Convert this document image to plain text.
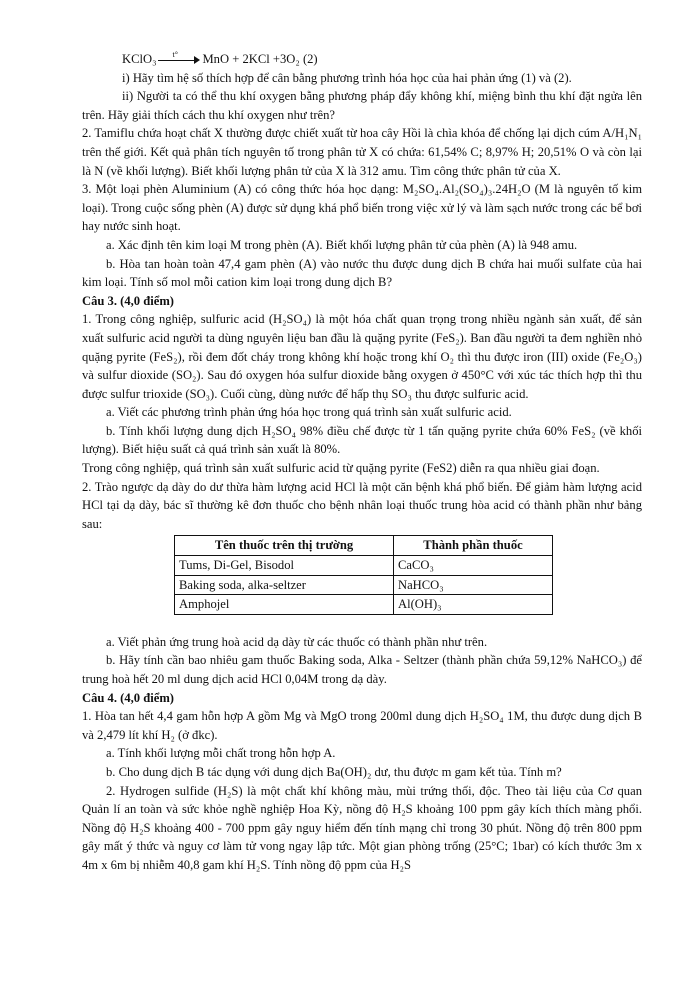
KClO₃ t° MnO + 2KCl +3O₂ (2)

i) Hãy tìm hệ số thích hợp để cân bằng phương trình hóa học của hai phản ứng (1) và (2).

ii) Người ta có thể thu khí oxygen bằng phương pháp đẩy không khí, miệng bình thu khí đặt ngửa lên trên. Hãy giải thích cách thu khí oxygen như trên?

2. Tamiflu chứa hoạt chất X thường được chiết xuất từ hoa cây Hồi là chìa khóa để chống lại dịch cúm A/H₁N₁ trên thế giới. Kết quả phân tích nguyên tố trong phân tử X có chứa: 61,54% C; 8,97% H; 20,51% O và còn lại là N (về khối lượng). Biết khối lượng phân tử của X là 312 amu. Tìm công thức phân tử của X.

3. Một loại phèn Aluminium (A) có công thức hóa học dạng: M₂SO₄.Al₂(SO₄)₃.24H₂O (M là nguyên tố kim loại). Trong cuộc sống phèn (A) được sử dụng khá phổ biến trong việc xử lý và làm sạch nước trong các bể bơi hay nước sinh hoạt.

a. Xác định tên kim loại M trong phèn (A). Biết khối lượng phân tử của phèn (A) là 948 amu.

b. Hòa tan hoàn toàn 47,4 gam phèn (A) vào nước thu được dung dịch B chứa hai muối sulfate của hai kim loại. Tính số mol mỗi cation kim loại trong dung dịch B?

Câu 3. (4,0 điểm)

1. Trong công nghiệp, sulfuric acid (H₂SO₄) là một hóa chất quan trọng trong nhiều ngành sản xuất, để sản xuất sulfuric acid người ta dùng nguyên liệu ban đầu là quặng pyrite (FeS₂). Ban đầu người ta đem nghiền nhỏ quặng pyrite (FeS₂), rồi đem đốt cháy trong không khí hoặc trong khí O₂ thì thu được iron (III) oxide (Fe₂O₃) và sulfur dioxide (SO₂). Sau đó oxygen hóa sulfur dioxide bằng oxygen ở 450°C với xúc tác thích hợp thì thu được sulfur trioxide (SO₃). Cuối cùng, dùng nước để hấp thụ SO₃ thu được sulfuric acid.

a. Viết các phương trình phản ứng hóa học trong quá trình sản xuất sulfuric acid.

b. Tính khối lượng dung dịch H₂SO₄ 98% điều chế được từ 1 tấn quặng pyrite chứa 60% FeS₂ (về khối lượng). Biết hiệu suất cả quá trình sản xuất là 80%.

Trong công nghiệp, quá trình sản xuất sulfuric acid từ quặng pyrite (FeS2) diễn ra qua nhiều giai đoạn.

2. Trào ngược dạ dày do dư thừa hàm lượng acid HCl là một căn bệnh khá phổ biến. Để giảm hàm lượng acid HCl tại dạ dày, bác sĩ thường kê đơn thuốc cho bệnh nhân loại thuốc trung hòa acid có thành phần như bảng sau:

Tên thuốc trên thị trường	Thành phần thuốc
Tums, Di-Gel, Bisodol	CaCO₃
Baking soda, alka-seltzer	NaHCO₃
Amphojel	Al(OH)₃

a. Viết phản ứng trung hoà acid dạ dày từ các thuốc có thành phần như trên.

b. Hãy tính cần bao nhiêu gam thuốc Baking soda, Alka - Seltzer (thành phần chứa 59,12% NaHCO₃) để trung hoà hết 20 ml dung dịch acid HCl 0,04M trong dạ dày.

Câu 4. (4,0 điểm)

1. Hòa tan hết 4,4 gam hỗn hợp A gồm Mg và MgO trong 200ml dung dịch H₂SO₄ 1M, thu được dung dịch B và 2,479 lít khí H₂ (ở đkc).

a. Tính khối lượng mỗi chất trong hỗn hợp A.

b. Cho dung dịch B tác dụng với dung dịch Ba(OH)₂ dư, thu được m gam kết tủa. Tính m?

2. Hydrogen sulfide (H₂S) là một chất khí không màu, mùi trứng thối, độc. Theo tài liệu của Cơ quan Quản lí an toàn và sức khỏe nghề nghiệp Hoa Kỳ, nồng độ H₂S khoảng 100 ppm gây kích thích màng phổi. Nồng độ H₂S khoảng 400 - 700 ppm gây nguy hiểm đến tính mạng chỉ trong 30 phút. Nồng độ trên 800 ppm gây mất ý thức và nguy cơ làm tử vong ngay lập tức. Một gian phòng trống (25°C; 1bar) có kích thước 3m x 4m x 6m bị nhiễm 40,8 gam khí H₂S. Tính nồng độ ppm của H₂S
